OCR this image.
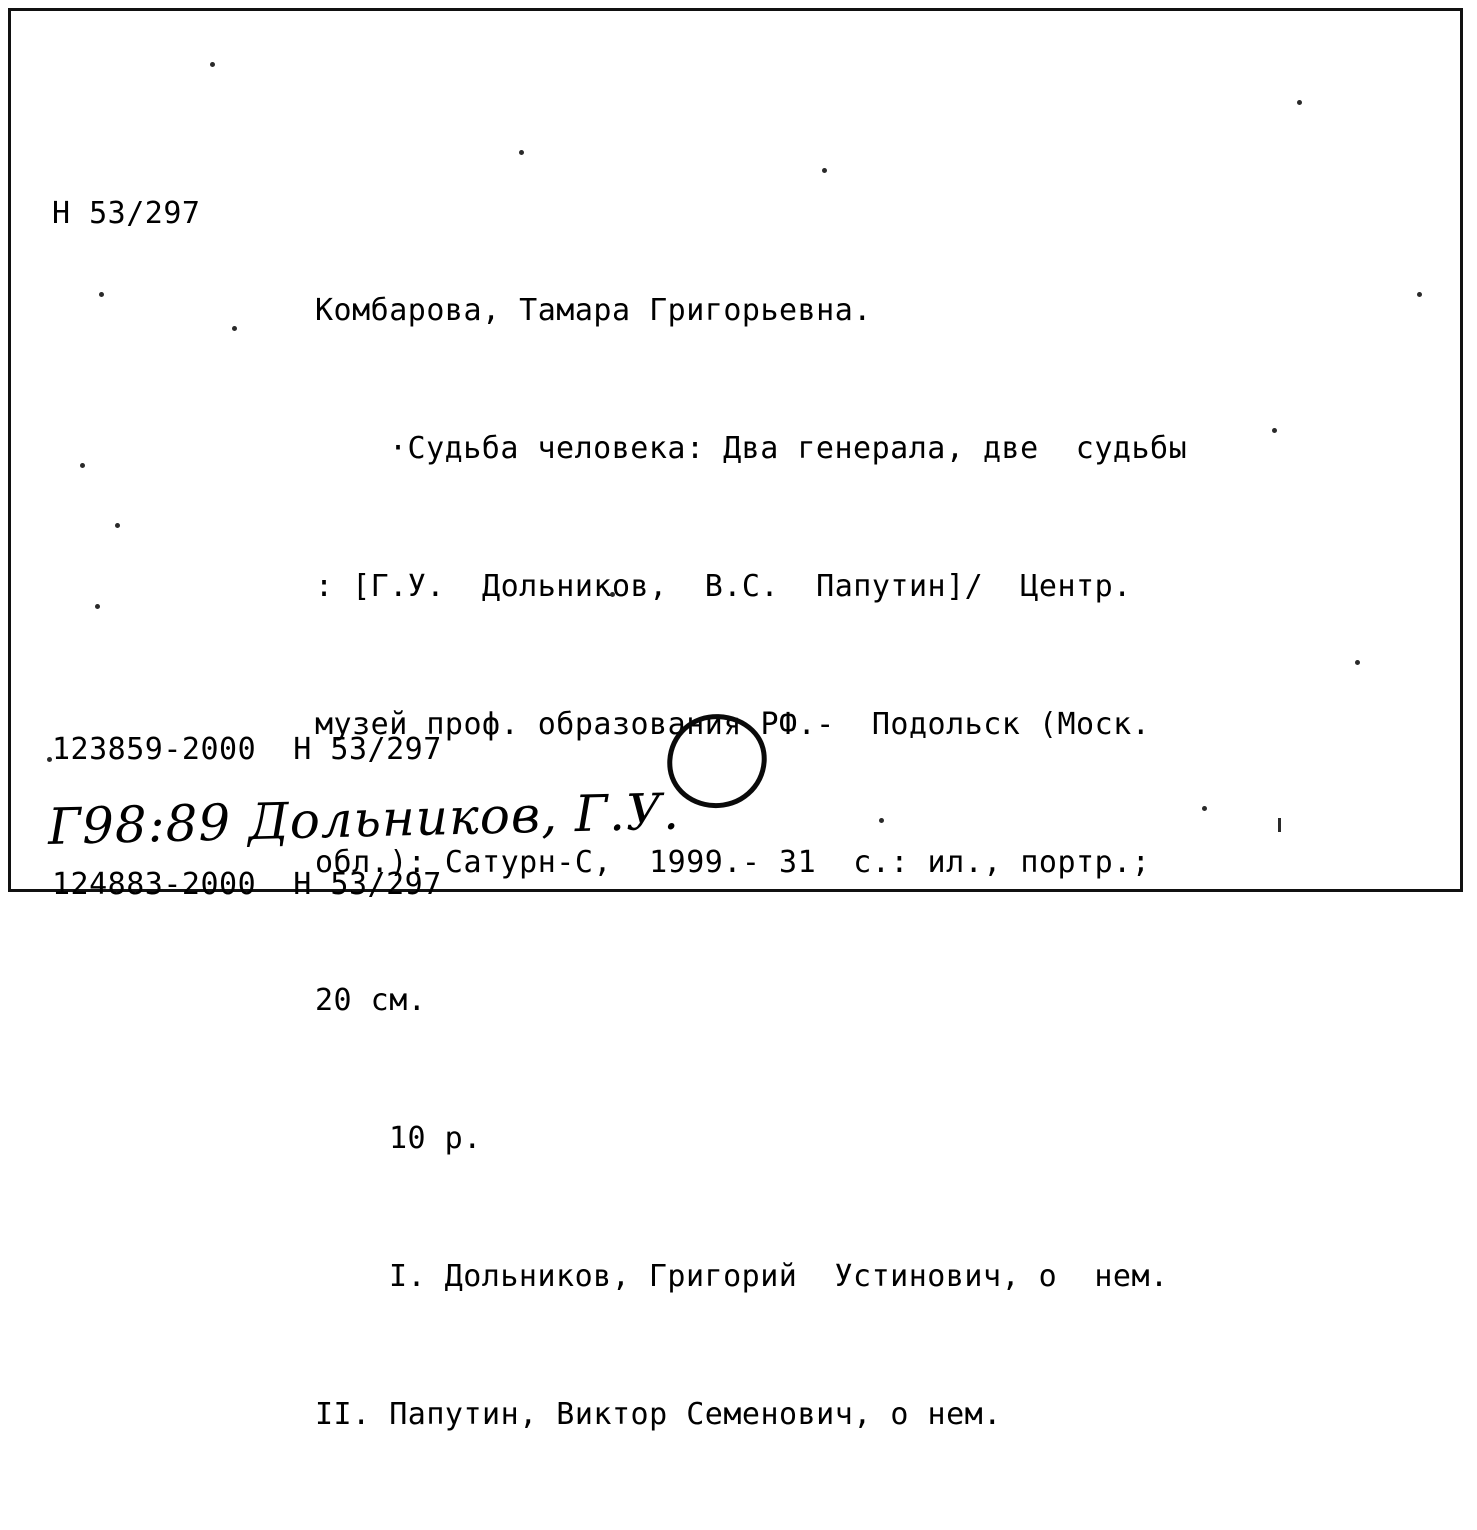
Н 53/297

Комбарова, Тамара Григорьевна.

·Судьба человека: Два генерала, две  судьбы

: [Г.У.  Дольников,  В.С.  Папутин]/  Центр.

музей проф. образования РФ.-  Подольск (Моск.

обл.): Сатурн-С,  1999.- 31  с.: ил., портр.;

20 см.

10 р.

I. Дольников, Григорий  Устинович, о  нем.

II. Папутин, Виктор Семенович, о нем.

123859-2000  Н 53/297

124883-2000  Н 53/297

Г98:89 Дольников, Г.У.
